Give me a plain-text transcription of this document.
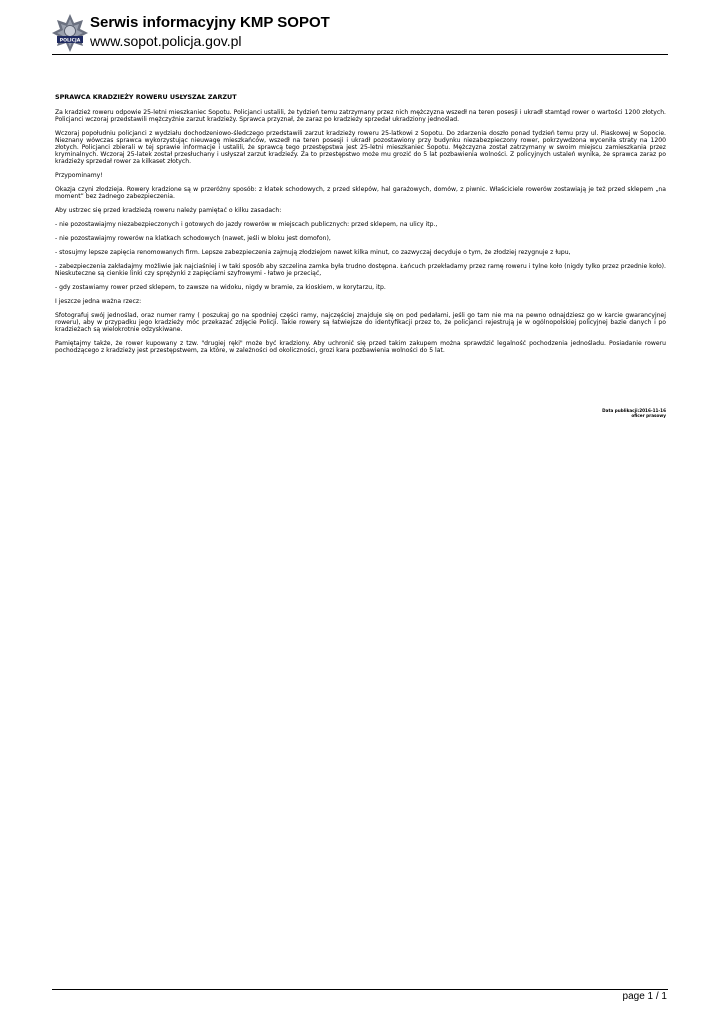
POLICJA
Serwis informacyjny KMP SOPOT
www.sopot.policja.gov.pl
SPRAWCA KRADZIEŻY ROWERU USŁYSZAŁ ZARZUT

Za kradzież roweru odpowie 25-letni mieszkaniec Sopotu. Policjanci ustalili, że tydzień temu zatrzymany przez nich mężczyzna wszedł na teren posesji i ukradł stamtąd rower o wartości 1200 złotych. Policjanci wczoraj przedstawili mężczyźnie zarzut kradzieży. Sprawca przyznał, że zaraz po kradzieży sprzedał ukradziony jednoślad.

Wczoraj popołudniu policjanci z wydziału dochodzeniowo-śledczego przedstawili zarzut kradzieży roweru 25-latkowi z Sopotu. Do zdarzenia doszło ponad tydzień temu przy ul. Piaskowej w Sopocie. Nieznany wówczas sprawca wykorzystując nieuwagę mieszkańców, wszedł na teren posesji i ukradł pozostawiony przy budynku niezabezpieczony rower, pokrzywdzona wyceniła straty na 1200 złotych. Policjanci zbierali w tej sprawie informacje i ustalili, że sprawcą tego przestępstwa jest 25-letni mieszkaniec Sopotu. Mężczyzna został zatrzymany w swoim miejscu zamieszkania przez kryminalnych. Wczoraj 25-latek został przesłuchany i usłyszał zarzut kradzieży. Za to przestępstwo może mu grozić do 5 lat pozbawienia wolności. Z policyjnych ustaleń wynika, że sprawca zaraz po kradzieży sprzedał rower za kilkaset złotych.

Przypominamy!

Okazja czyni złodzieja. Rowery kradzione są w przeróżny sposób: z klatek schodowych, z przed sklepów, hal garażowych, domów, z piwnic. Właściciele rowerów zostawiają je też przed sklepem „na moment” bez żadnego zabezpieczenia.

Aby ustrzec się przed kradzieżą roweru należy pamiętać o kilku zasadach:

- nie pozostawiajmy niezabezpieczonych i gotowych do jazdy rowerów w miejscach publicznych: przed sklepem, na ulicy itp.,

- nie pozostawiajmy rowerów na klatkach schodowych (nawet, jeśli w bloku jest domofon),

- stosujmy lepsze zapięcia renomowanych firm. Lepsze zabezpieczenia zajmują złodziejom nawet kilka minut, co zazwyczaj decyduje o tym, że złodziej rezygnuje z łupu,

- zabezpieczenia zakładajmy możliwie jak najciaśniej i w taki sposób aby szczelina zamka była trudno dostępna. Łańcuch przekładamy przez ramę roweru i tylne koło (nigdy tylko przez przednie koło). Nieskuteczne są cienkie linki czy sprężynki z zapięciami szyfrowymi - łatwo je przeciąć,

- gdy zostawiamy rower przed sklepem, to zawsze na widoku, nigdy w bramie, za kioskiem, w korytarzu, itp.

I jeszcze jedna ważna rzecz:

Sfotografuj swój jednoślad, oraz numer ramy ( poszukaj go na spodniej części ramy, najczęściej znajduje się on pod pedałami, jeśli go tam nie ma na pewno odnajdziesz go w karcie gwarancyjnej roweru), aby w przypadku jego kradzieży móc przekazać zdjęcie Policji. Takie rowery są łatwiejsze do identyfikacji przez to, że policjanci rejestrują je w ogólnopolskiej policyjnej bazie danych i po kradzieżach są wielokrotnie odzyskiwane.

Pamiętajmy także, że rower kupowany z tzw. "drugiej ręki" może być kradziony. Aby uchronić się przed takim zakupem można sprawdzić legalność pochodzenia jednośladu. Posiadanie roweru pochodzącego z kradzieży jest przestępstwem, za które, w zależności od okoliczności, grozi kara pozbawienia wolności do 5 lat.

Data publikacji:2016-11-16
oficer prasowy
page 1 / 1
